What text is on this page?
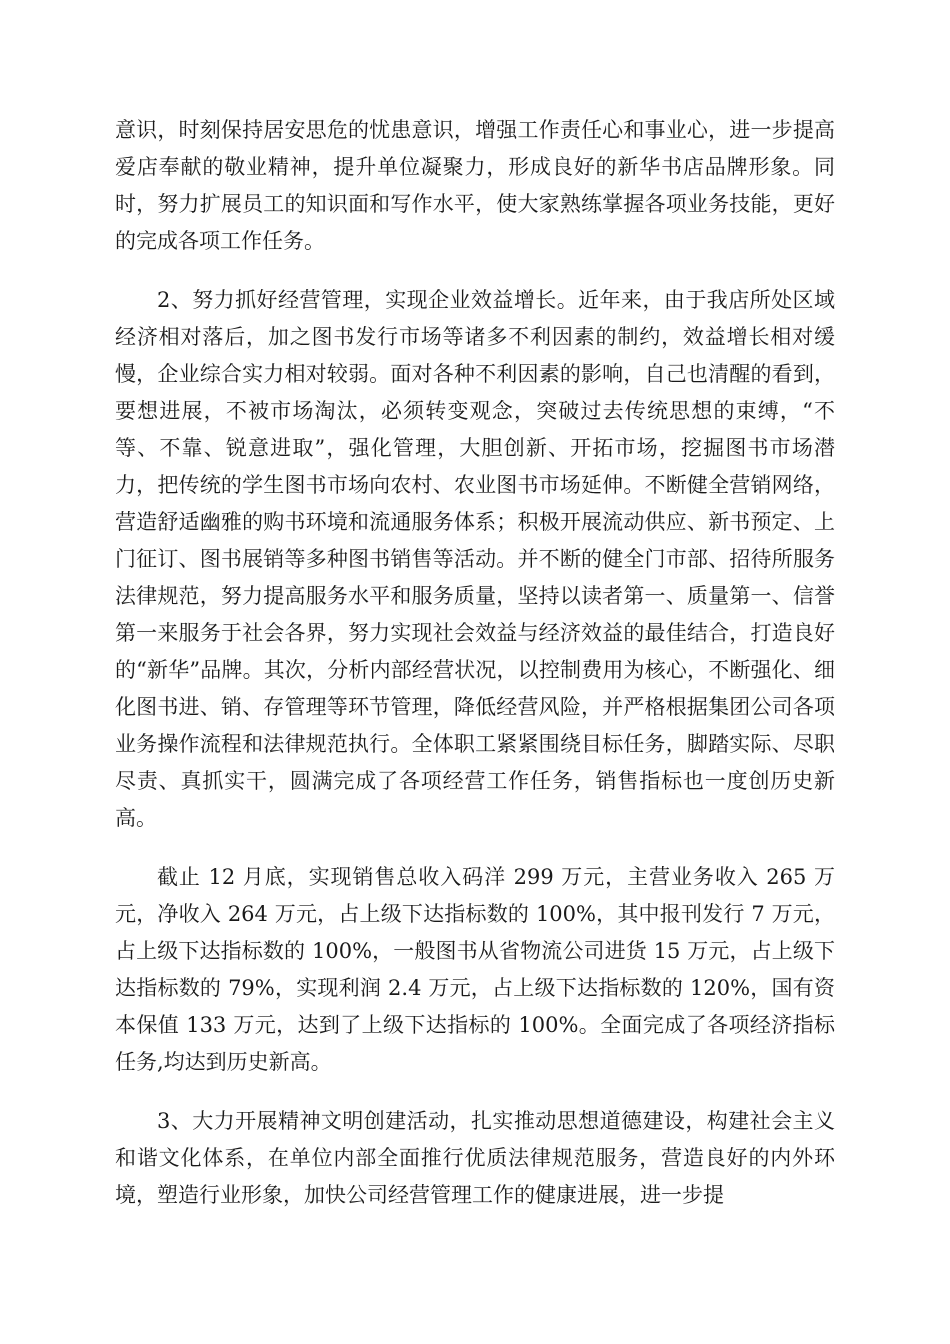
意识，时刻保持居安思危的忧患意识，增强工作责任心和事业心，进一步提高爱店奉献的敬业精神，提升单位凝聚力，形成良好的新华书店品牌形象。同时，努力扩展员工的知识面和写作水平，使大家熟练掌握各项业务技能，更好的完成各项工作任务。

2、努力抓好经营管理，实现企业效益增长。近年来，由于我店所处区域经济相对落后，加之图书发行市场等诸多不利因素的制约，效益增长相对缓慢，企业综合实力相对较弱。面对各种不利因素的影响，自己也清醒的看到，要想进展，不被市场淘汰，必须转变观念，突破过去传统思想的束缚，“不等、不靠、锐意进取”，强化管理，大胆创新、开拓市场，挖掘图书市场潜力，把传统的学生图书市场向农村、农业图书市场延伸。不断健全营销网络，营造舒适幽雅的购书环境和流通服务体系；积极开展流动供应、新书预定、上门征订、图书展销等多种图书销售等活动。并不断的健全门市部、招待所服务法律规范，努力提高服务水平和服务质量，坚持以读者第一、质量第一、信誉第一来服务于社会各界，努力实现社会效益与经济效益的最佳结合，打造良好的“新华”品牌。其次，分析内部经营状况，以控制费用为核心，不断强化、细化图书进、销、存管理等环节管理，降低经营风险，并严格根据集团公司各项业务操作流程和法律规范执行。全体职工紧紧围绕目标任务，脚踏实际、尽职尽责、真抓实干，圆满完成了各项经营工作任务，销售指标也一度创历史新高。

截止 12 月底，实现销售总收入码洋 299 万元，主营业务收入 265 万元，净收入 264 万元，占上级下达指标数的 100%，其中报刊发行 7 万元，占上级下达指标数的 100%，一般图书从省物流公司进货 15 万元，占上级下达指标数的 79%，实现利润 2.4 万元，占上级下达指标数的 120%，国有资本保值 133 万元，达到了上级下达指标的 100%。全面完成了各项经济指标任务,均达到历史新高。

3、大力开展精神文明创建活动，扎实推动思想道德建设，构建社会主义和谐文化体系，在单位内部全面推行优质法律规范服务，营造良好的内外环境，塑造行业形象，加快公司经营管理工作的健康进展，进一步提
